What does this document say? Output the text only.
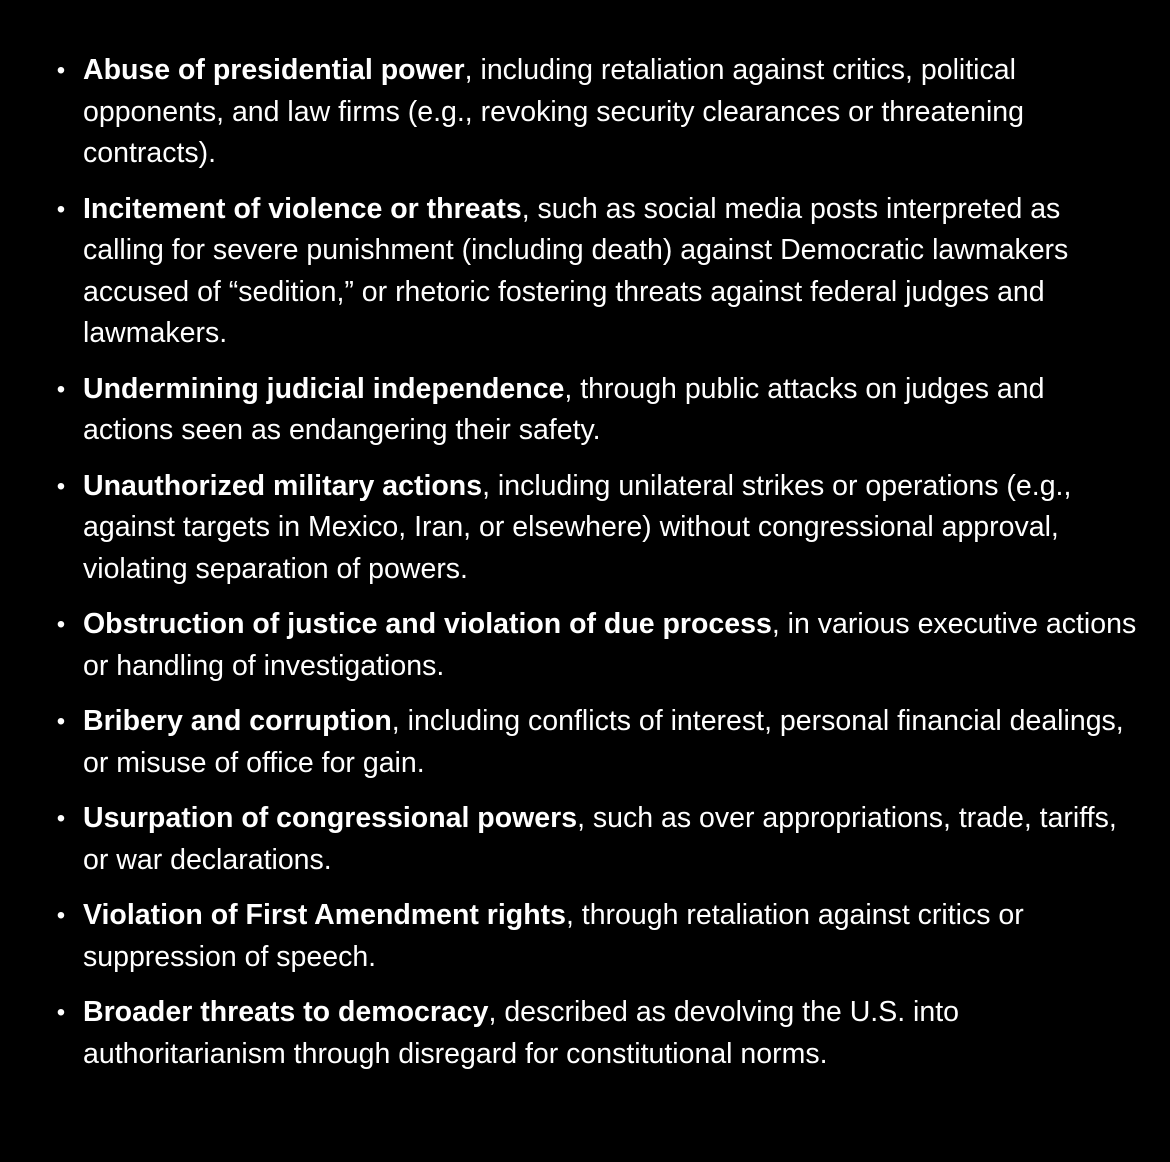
• Abuse of presidential power, including retaliation against critics, political opponents, and law firms (e.g., revoking security clearances or threatening contracts).
• Incitement of violence or threats, such as social media posts interpreted as calling for severe punishment (including death) against Democratic lawmakers accused of “sedition,” or rhetoric fostering threats against federal judges and lawmakers.
• Undermining judicial independence, through public attacks on judges and actions seen as endangering their safety.
• Unauthorized military actions, including unilateral strikes or operations (e.g., against targets in Mexico, Iran, or elsewhere) without congressional approval, violating separation of powers.
• Obstruction of justice and violation of due process, in various executive actions or handling of investigations.
• Bribery and corruption, including conflicts of interest, personal financial dealings, or misuse of office for gain.
• Usurpation of congressional powers, such as over appropriations, trade, tariffs, or war declarations.
• Violation of First Amendment rights, through retaliation against critics or suppression of speech.
• Broader threats to democracy, described as devolving the U.S. into authoritarianism through disregard for constitutional norms.
